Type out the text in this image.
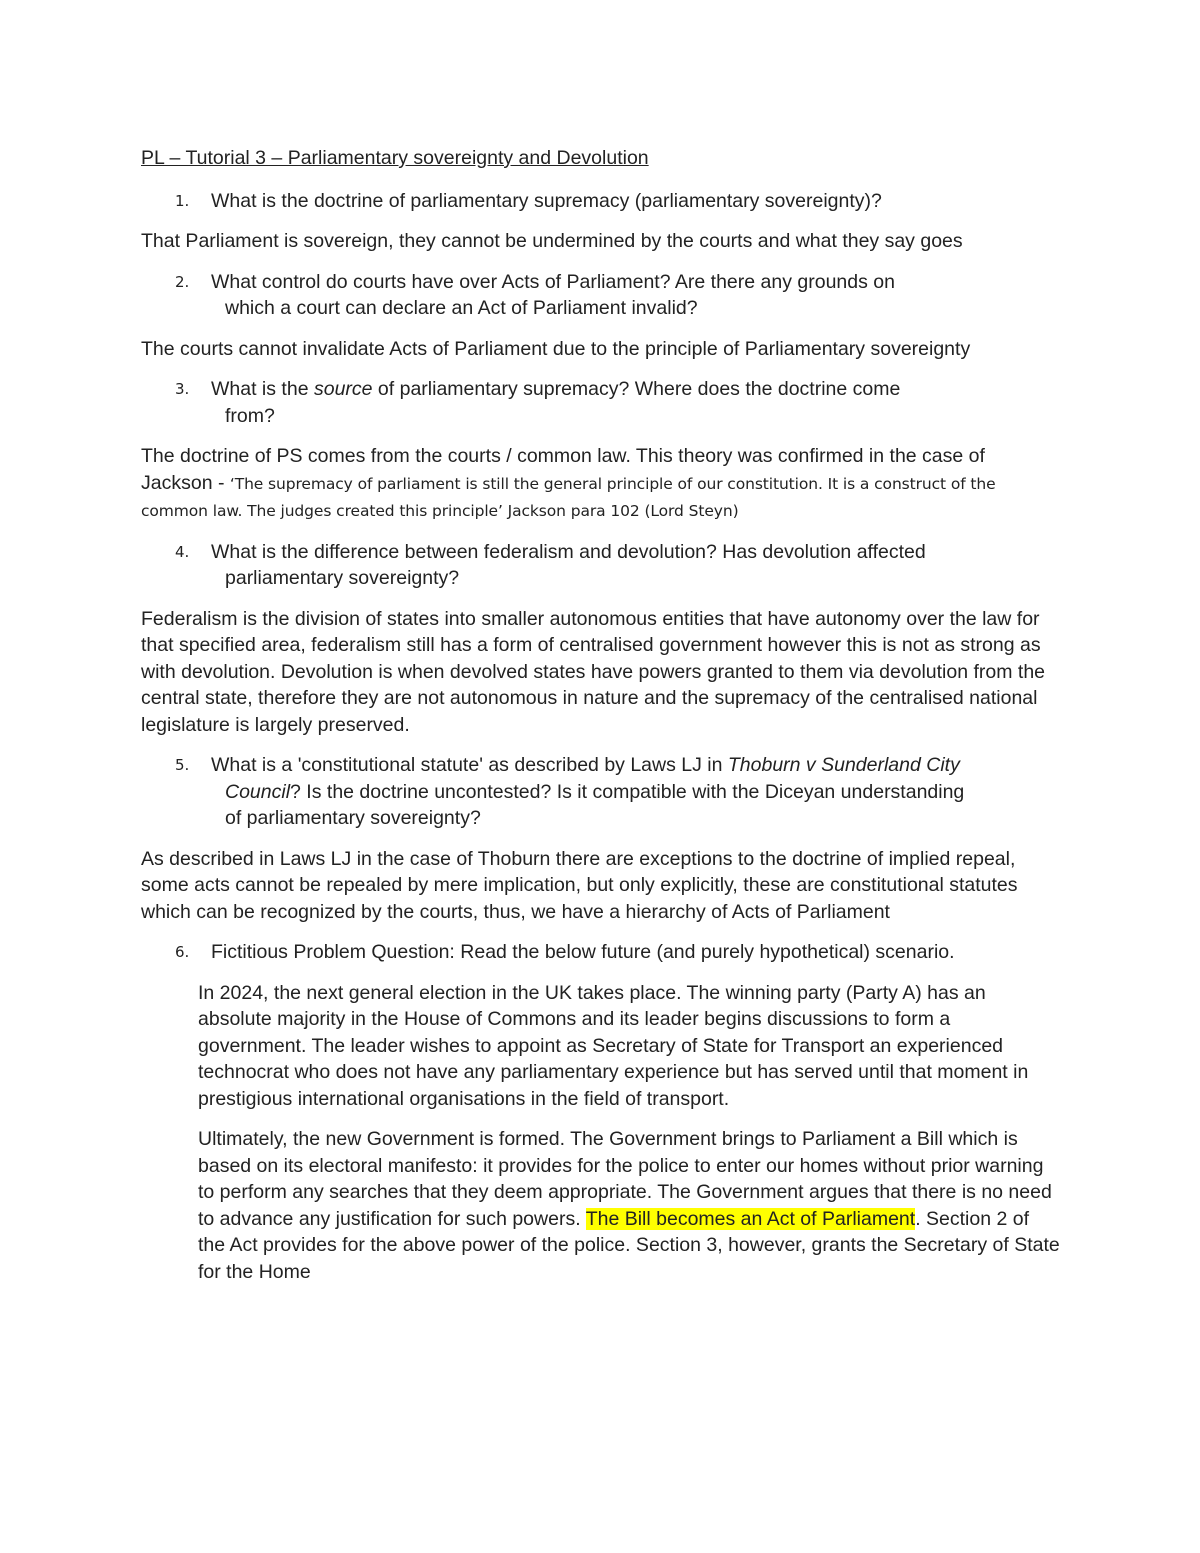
PL – Tutorial 3 – Parliamentary sovereignty and Devolution

1. What is the doctrine of parliamentary supremacy (parliamentary sovereignty)?

That Parliament is sovereign, they cannot be undermined by the courts and what they say goes

2. What control do courts have over Acts of Parliament? Are there any grounds on
which a court can declare an Act of Parliament invalid?

The courts cannot invalidate Acts of Parliament due to the principle of Parliamentary sovereignty

3. What is the source of parliamentary supremacy? Where does the doctrine come
from?

The doctrine of PS comes from the courts / common law. This theory was confirmed in the case of Jackson - ‘The supremacy of parliament is still the general principle of our constitution. It is a construct of the common law. The judges created this principle’ Jackson para 102 (Lord Steyn)

4. What is the difference between federalism and devolution? Has devolution affected
parliamentary sovereignty?

Federalism is the division of states into smaller autonomous entities that have autonomy over the law for that specified area, federalism still has a form of centralised government however this is not as strong as with devolution. Devolution is when devolved states have powers granted to them via devolution from the central state, therefore they are not autonomous in nature and the supremacy of the centralised national legislature is largely preserved.

5. What is a 'constitutional statute' as described by Laws LJ in Thoburn v Sunderland City
Council? Is the doctrine uncontested? Is it compatible with the Diceyan understanding
of parliamentary sovereignty?

As described in Laws LJ in the case of Thoburn there are exceptions to the doctrine of implied repeal, some acts cannot be repealed by mere implication, but only explicitly, these are constitutional statutes which can be recognized by the courts, thus, we have a hierarchy of Acts of Parliament

6. Fictitious Problem Question: Read the below future (and purely hypothetical) scenario.

In 2024, the next general election in the UK takes place. The winning party (Party A) has an absolute majority in the House of Commons and its leader begins discussions to form a government. The leader wishes to appoint as Secretary of State for Transport an experienced technocrat who does not have any parliamentary experience but has served until that moment in prestigious international organisations in the field of transport.

Ultimately, the new Government is formed. The Government brings to Parliament a Bill which is based on its electoral manifesto: it provides for the police to enter our homes without prior warning to perform any searches that they deem appropriate. The Government argues that there is no need to advance any justification for such powers. The Bill becomes an Act of Parliament. Section 2 of the Act provides for the above power of the police. Section 3, however, grants the Secretary of State for the Home
